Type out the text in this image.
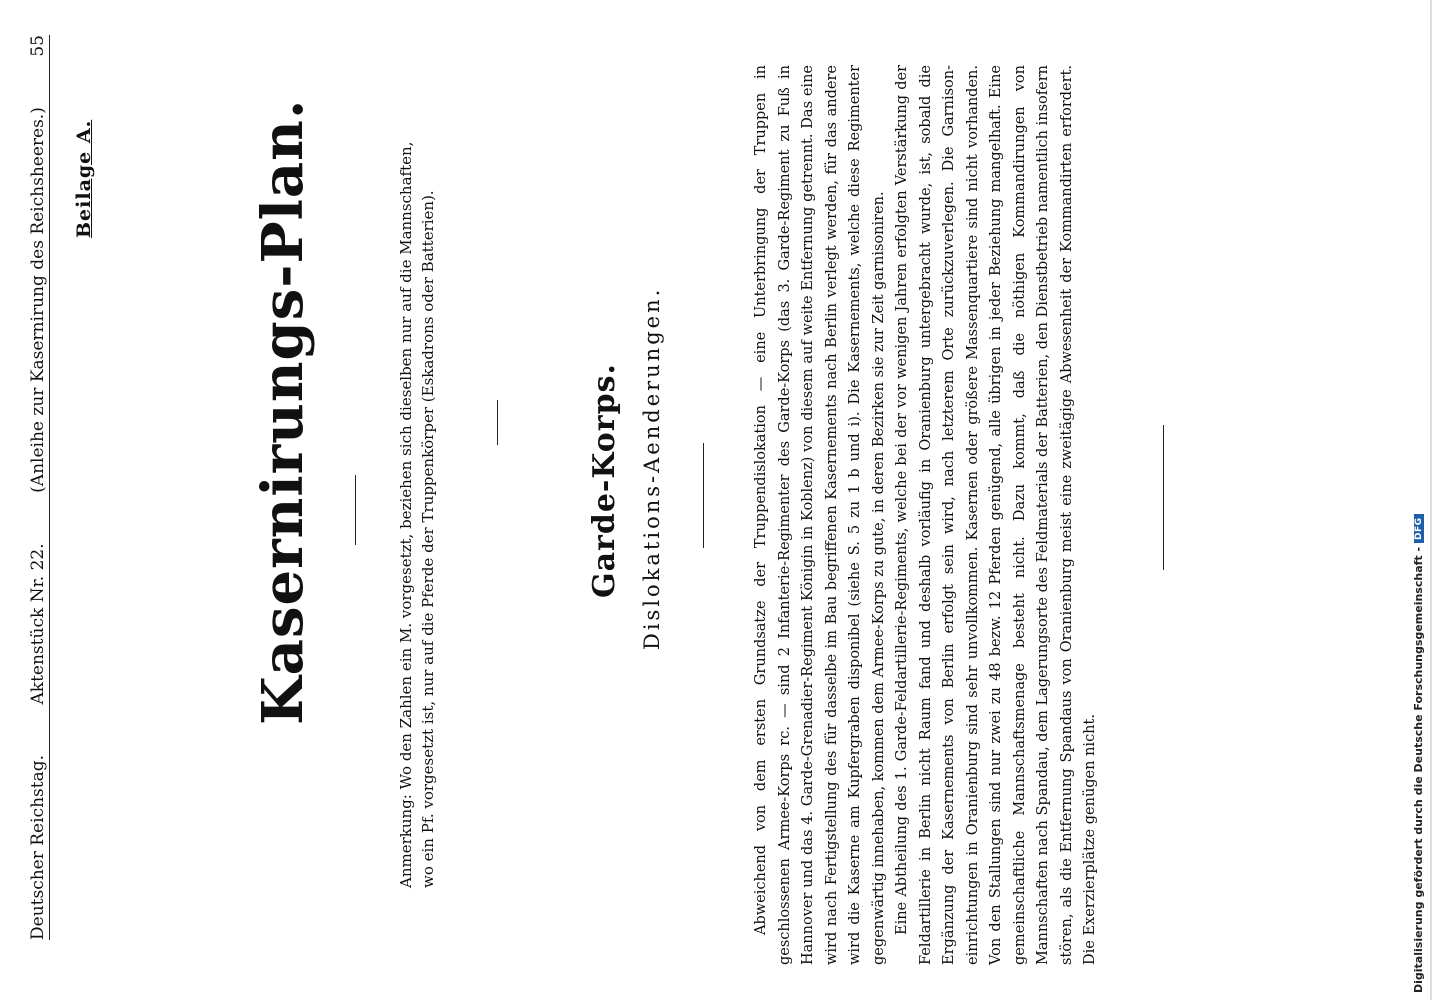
Deutscher Reichstag.
Aktenstück Nr. 22.
(Anleihe zur Kasernirung des Reichsheeres.)
55
Beilage A.	Kasernirungs-Plan.
Anmerkung: Wo den Zahlen ein M. vorgesetzt, beziehen sich dieselben nur auf die Mannschaften, wo ein Pf. vorgesetzt ist, nur auf die Pferde der Truppenkörper (Eskadrons oder Batterien).	Garde-Korps. Dislokations-Aenderungen.	Abweichend von dem ersten Grundsatze der Truppendislokation — eine Unterbringung der Truppen in geschlossenen Armee-Korps rc. — sind 2 Infanterie-Regimenter des Garde-Korps (das 3. Garde-Regiment zu Fuß in Hannover und das 4. Garde-Grenadier-Regiment Königin in Koblenz) von diesem auf weite Entfernung getrennt. Das eine wird nach Fertigstellung des für dasselbe im Bau begriffenen Kasernements nach Berlin verlegt werden, für das andere wird die Kaserne am Kupfergraben disponibel (siehe S. 5 zu 1 b und i). Die Kasernements, welche diese Regimenter gegenwärtig innehaben, kommen dem Armee-Korps zu gute, in deren Bezirken sie zur Zeit garnisoniren. Eine Abtheilung des 1. Garde-Feldartillerie-Regiments, welche bei der vor wenigen Jahren erfolgten Verstärkung der Feldartillerie in Berlin nicht Raum fand und deshalb vorläufig in Oranienburg untergebracht wurde, ist, sobald die Ergänzung der Kasernements von Berlin erfolgt sein wird, nach letzterem Orte zurückzuverlegen. Die Garnison-einrichtungen in Oranienburg sind sehr unvollkommen. Kasernen oder größere Massenquartiere sind nicht vorhanden. Von den Stallungen sind nur zwei zu 48 bezw. 12 Pferden genügend, alle übrigen in jeder Beziehung mangelhaft. Eine gemeinschaftliche Mannschaftsmenage besteht nicht. Dazu kommt, daß die nöthigen Kommandirungen von Mannschaften nach Spandau, dem Lagerungsorte des Feldmaterials der Batterien, den Dienstbetrieb namentlich insofern stören, als die Entfernung Spandaus von Oranienburg meist eine zweitägige Abwesenheit der Kommandirten erfordert. Die Exerzierplätze genügen nicht.	Digitalisierung gefördert durch die Deutsche Forschungsgemeinschaft -
DFG
